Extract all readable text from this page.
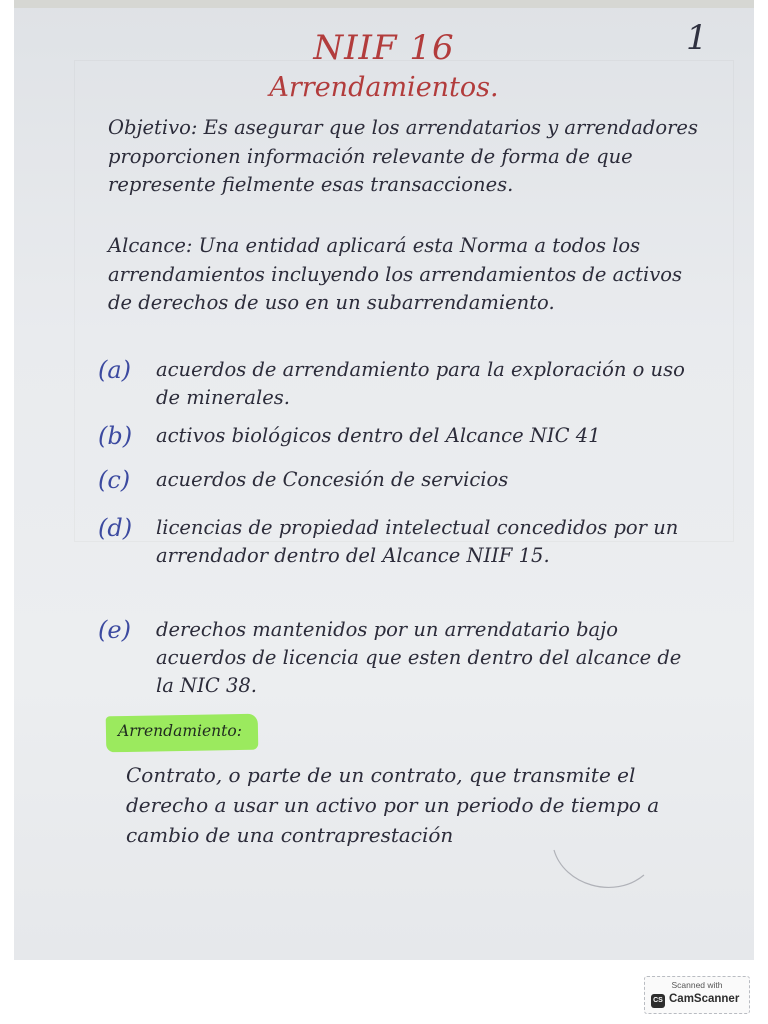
1
NIIF 16
Arrendamientos.
Objetivo: Es asegurar que los arrendatarios y arrendadores proporcionen información relevante de forma de que represente fielmente esas transacciones.
Alcance: Una entidad aplicará esta Norma a todos los arrendamientos incluyendo los arrendamientos de activos de derechos de uso en un subarrendamiento.
(a)	acuerdos de arrendamiento para la exploración o uso de minerales.
(b)	activos biológicos dentro del Alcance NIC 41
(c)	acuerdos de Concesión de servicios
(d)	licencias de propiedad intelectual concedidos por un arrendador dentro del Alcance NIIF 15.
(e)	derechos mantenidos por un arrendatario bajo acuerdos de licencia que esten dentro del alcance de la NIC 38.
Arrendamiento:
Contrato, o parte de un contrato, que transmite el derecho a usar un activo por un periodo de tiempo a cambio de una contraprestación
Scanned with
CS CamScanner
